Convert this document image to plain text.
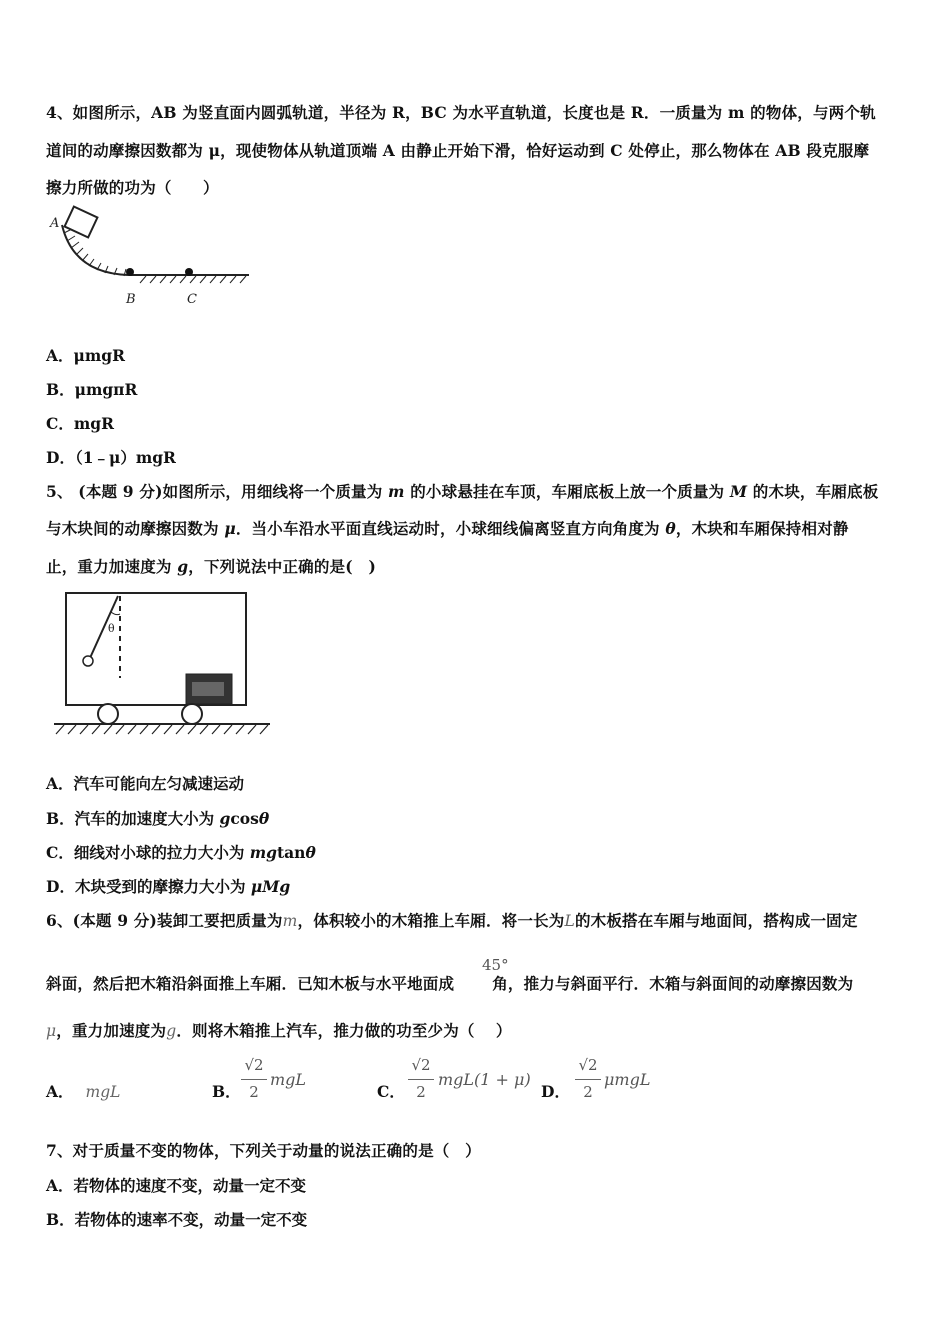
4、如图所示，AB 为竖直面内圆弧轨道，半径为 R，BC 为水平直轨道，长度也是 R．一质量为 m 的物体，与两个轨
道间的动摩擦因数都为 μ，现使物体从轨道顶端 A 由静止开始下滑，恰好运动到 C 处停止，那么物体在 AB 段克服摩
擦力所做的功为（　　）
A
B	C
A．μmgR
B．μmgπR
C．mgR
D．（1﹣μ）mgR
5、 (本题 9 分)如图所示，用细线将一个质量为 m 的小球悬挂在车顶，车厢底板上放一个质量为 M 的木块，车厢底板
与木块间的动摩擦因数为 μ．当小车沿水平面直线运动时，小球细线偏离竖直方向角度为 θ，木块和车厢保持相对静
止，重力加速度为 g，下列说法中正确的是(　)
θ
A．汽车可能向左匀减速运动
B．汽车的加速度大小为 gcosθ
C．细线对小球的拉力大小为 mgtanθ
D．木块受到的摩擦力大小为 μMg
6、(本题 9 分)装卸工要把质量为m，体积较小的木箱推上车厢．将一长为L的木板搭在车厢与地面间，搭构成一固定
45°
斜面，然后把木箱沿斜面推上车厢．已知木板与水平地面成 角，推力与斜面平行．木箱与斜面间的动摩擦因数为
μ，重力加速度为g．则将木箱推上汽车，推力做的功至少为（　 ）
A． mgL	B．
√2
2
mgL
C．
√2
2
mgL(1 + μ)
D．
√2
2
μmgL
7、对于质量不变的物体，下列关于动量的说法正确的是（　）
A．若物体的速度不变，动量一定不变
B．若物体的速率不变，动量一定不变
